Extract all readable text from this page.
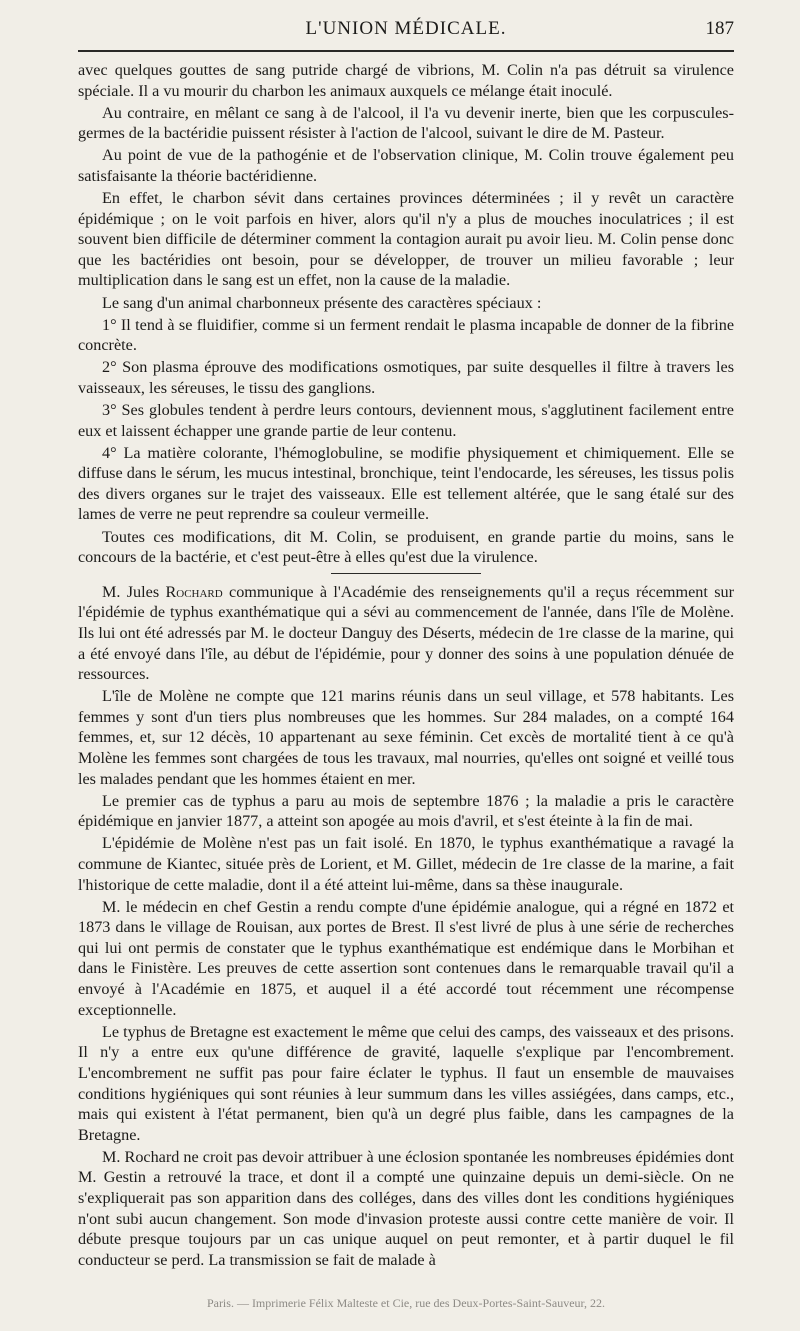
L'UNION MÉDICALE.	187

avec quelques gouttes de sang putride chargé de vibrions, M. Colin n'a pas détruit sa virulence spéciale. Il a vu mourir du charbon les animaux auxquels ce mélange était inoculé.

Au contraire, en mêlant ce sang à de l'alcool, il l'a vu devenir inerte, bien que les corpuscules-germes de la bactéridie puissent résister à l'action de l'alcool, suivant le dire de M. Pasteur.

Au point de vue de la pathogénie et de l'observation clinique, M. Colin trouve également peu satisfaisante la théorie bactéridienne.

En effet, le charbon sévit dans certaines provinces déterminées ; il y revêt un caractère épidémique ; on le voit parfois en hiver, alors qu'il n'y a plus de mouches inoculatrices ; il est souvent bien difficile de déterminer comment la contagion aurait pu avoir lieu. M. Colin pense donc que les bactéridies ont besoin, pour se développer, de trouver un milieu favorable ; leur multiplication dans le sang est un effet, non la cause de la maladie.

Le sang d'un animal charbonneux présente des caractères spéciaux :

1° Il tend à se fluidifier, comme si un ferment rendait le plasma incapable de donner de la fibrine concrète.

2° Son plasma éprouve des modifications osmotiques, par suite desquelles il filtre à travers les vaisseaux, les séreuses, le tissu des ganglions.

3° Ses globules tendent à perdre leurs contours, deviennent mous, s'agglutinent facilement entre eux et laissent échapper une grande partie de leur contenu.

4° La matière colorante, l'hémoglobuline, se modifie physiquement et chimiquement. Elle se diffuse dans le sérum, les mucus intestinal, bronchique, teint l'endocarde, les séreuses, les tissus polis des divers organes sur le trajet des vaisseaux. Elle est tellement altérée, que le sang étalé sur des lames de verre ne peut reprendre sa couleur vermeille.

Toutes ces modifications, dit M. Colin, se produisent, en grande partie du moins, sans le concours de la bactérie, et c'est peut-être à elles qu'est due la virulence.

M. Jules Rochard communique à l'Académie des renseignements qu'il a reçus récemment sur l'épidémie de typhus exanthématique qui a sévi au commencement de l'année, dans l'île de Molène. Ils lui ont été adressés par M. le docteur Danguy des Déserts, médecin de 1re classe de la marine, qui a été envoyé dans l'île, au début de l'épidémie, pour y donner des soins à une population dénuée de ressources.

L'île de Molène ne compte que 121 marins réunis dans un seul village, et 578 habitants. Les femmes y sont d'un tiers plus nombreuses que les hommes. Sur 284 malades, on a compté 164 femmes, et, sur 12 décès, 10 appartenant au sexe féminin. Cet excès de mortalité tient à ce qu'à Molène les femmes sont chargées de tous les travaux, mal nourries, qu'elles ont soigné et veillé tous les malades pendant que les hommes étaient en mer.

Le premier cas de typhus a paru au mois de septembre 1876 ; la maladie a pris le caractère épidémique en janvier 1877, a atteint son apogée au mois d'avril, et s'est éteinte à la fin de mai.

L'épidémie de Molène n'est pas un fait isolé. En 1870, le typhus exanthématique a ravagé la commune de Kiantec, située près de Lorient, et M. Gillet, médecin de 1re classe de la marine, a fait l'historique de cette maladie, dont il a été atteint lui-même, dans sa thèse inaugurale.

M. le médecin en chef Gestin a rendu compte d'une épidémie analogue, qui a régné en 1872 et 1873 dans le village de Rouisan, aux portes de Brest. Il s'est livré de plus à une série de recherches qui lui ont permis de constater que le typhus exanthématique est endémique dans le Morbihan et dans le Finistère. Les preuves de cette assertion sont contenues dans le remarquable travail qu'il a envoyé à l'Académie en 1875, et auquel il a été accordé tout récemment une récompense exceptionnelle.

Le typhus de Bretagne est exactement le même que celui des camps, des vaisseaux et des prisons. Il n'y a entre eux qu'une différence de gravité, laquelle s'explique par l'encombrement. L'encombrement ne suffit pas pour faire éclater le typhus. Il faut un ensemble de mauvaises conditions hygiéniques qui sont réunies à leur summum dans les villes assiégées, dans camps, etc., mais qui existent à l'état permanent, bien qu'à un degré plus faible, dans les campagnes de la Bretagne.

M. Rochard ne croit pas devoir attribuer à une éclosion spontanée les nombreuses épidémies dont M. Gestin a retrouvé la trace, et dont il a compté une quinzaine depuis un demi-siècle. On ne s'expliquerait pas son apparition dans des colléges, dans des villes dont les conditions hygiéniques n'ont subi aucun changement. Son mode d'invasion proteste aussi contre cette manière de voir. Il débute presque toujours par un cas unique auquel on peut remonter, et à partir duquel le fil conducteur se perd. La transmission se fait de malade à

Paris. — Imprimerie Félix Malteste et Cie, rue des Deux-Portes-Saint-Sauveur, 22.
